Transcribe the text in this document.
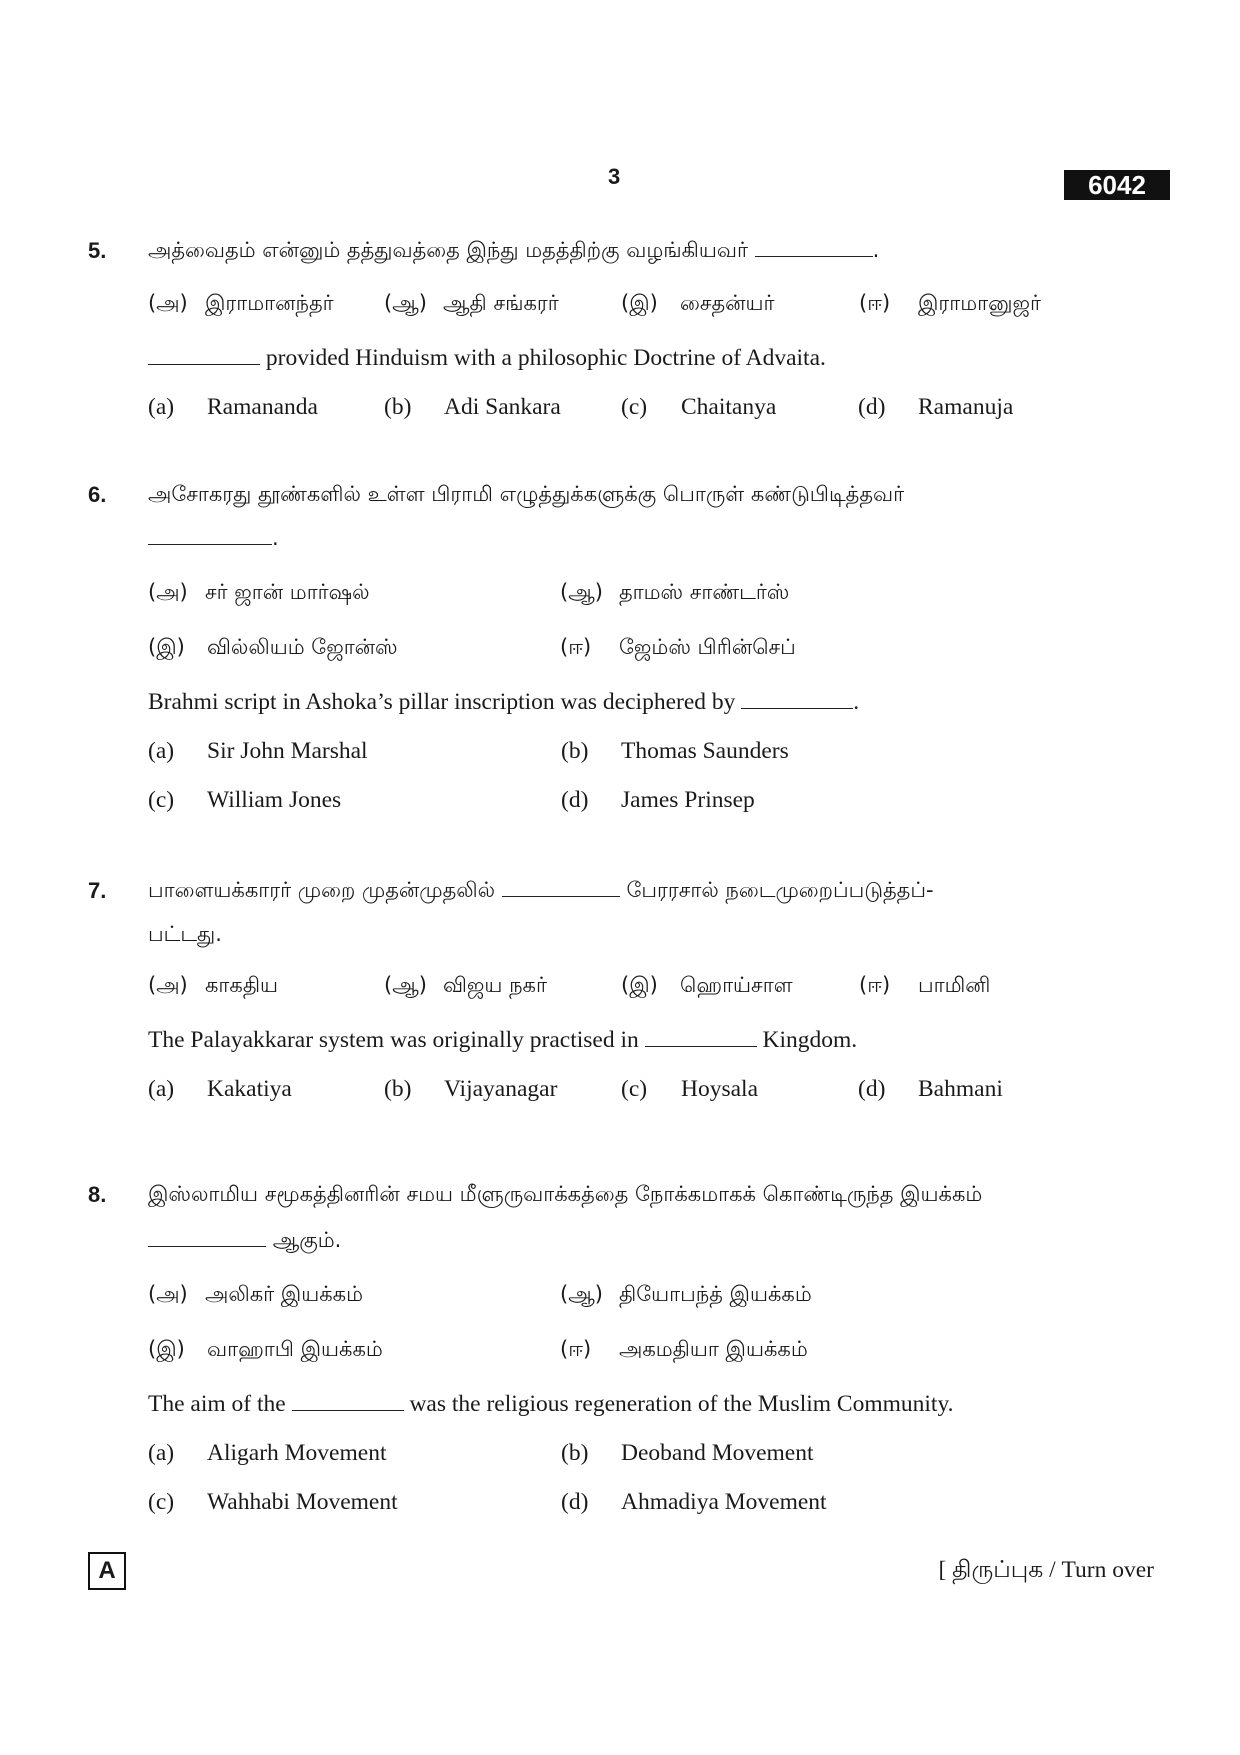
3	6042
5. அத்வைதம் என்னும் தத்துவத்தை இந்து மதத்திற்கு வழங்கியவர்	.
(அ) இராமானந்தர் (ஆ) ஆதி சங்கரர்	(இ) சைதன்யர்	(ஈ) இராமானுஜர்
provided Hinduism with a philosophic Doctrine of Advaita.
(a) Ramananda	(b) Adi Sankara	(c) Chaitanya	(d) Ramanuja
6. அசோகரது தூண்களில் உள்ள பிராமி எழுத்துக்களுக்கு பொருள் கண்டுபிடித்தவர்
.
(அ) சர் ஜான் மார்ஷல்	(ஆ) தாமஸ் சாண்டர்ஸ்
(இ) வில்லியம் ஜோன்ஸ்	(ஈ) ஜேம்ஸ் பிரின்செப்
Brahmi script in Ashoka’s pillar inscription was deciphered by	.
(a) Sir John Marshal	(b) Thomas Saunders
(c) William Jones	(d) James Prinsep
7. பாளையக்காரர் முறை முதன்முதலில்	பேரரசால் நடைமுறைப்படுத்தப்-
பட்டது.
(அ) காகதிய	(ஆ) விஜய நகர்	(இ) ஹொய்சாள	(ஈ) பாமினி
The Palayakkarar system was originally practised in	Kingdom.
(a) Kakatiya	(b) Vijayanagar	(c) Hoysala	(d) Bahmani
8. இஸ்லாமிய சமூகத்தினரின் சமய மீளுருவாக்கத்தை நோக்கமாகக் கொண்டிருந்த இயக்கம்
ஆகும்.
(அ) அலிகர் இயக்கம்	(ஆ) தியோபந்த் இயக்கம்
(இ) வாஹாபி இயக்கம்	(ஈ) அகமதியா இயக்கம்
The aim of the	was the religious regeneration of the Muslim Community.
(a) Aligarh Movement	(b) Deoband Movement
(c) Wahhabi Movement	(d) Ahmadiya Movement
A	[ திருப்புக / Turn over
